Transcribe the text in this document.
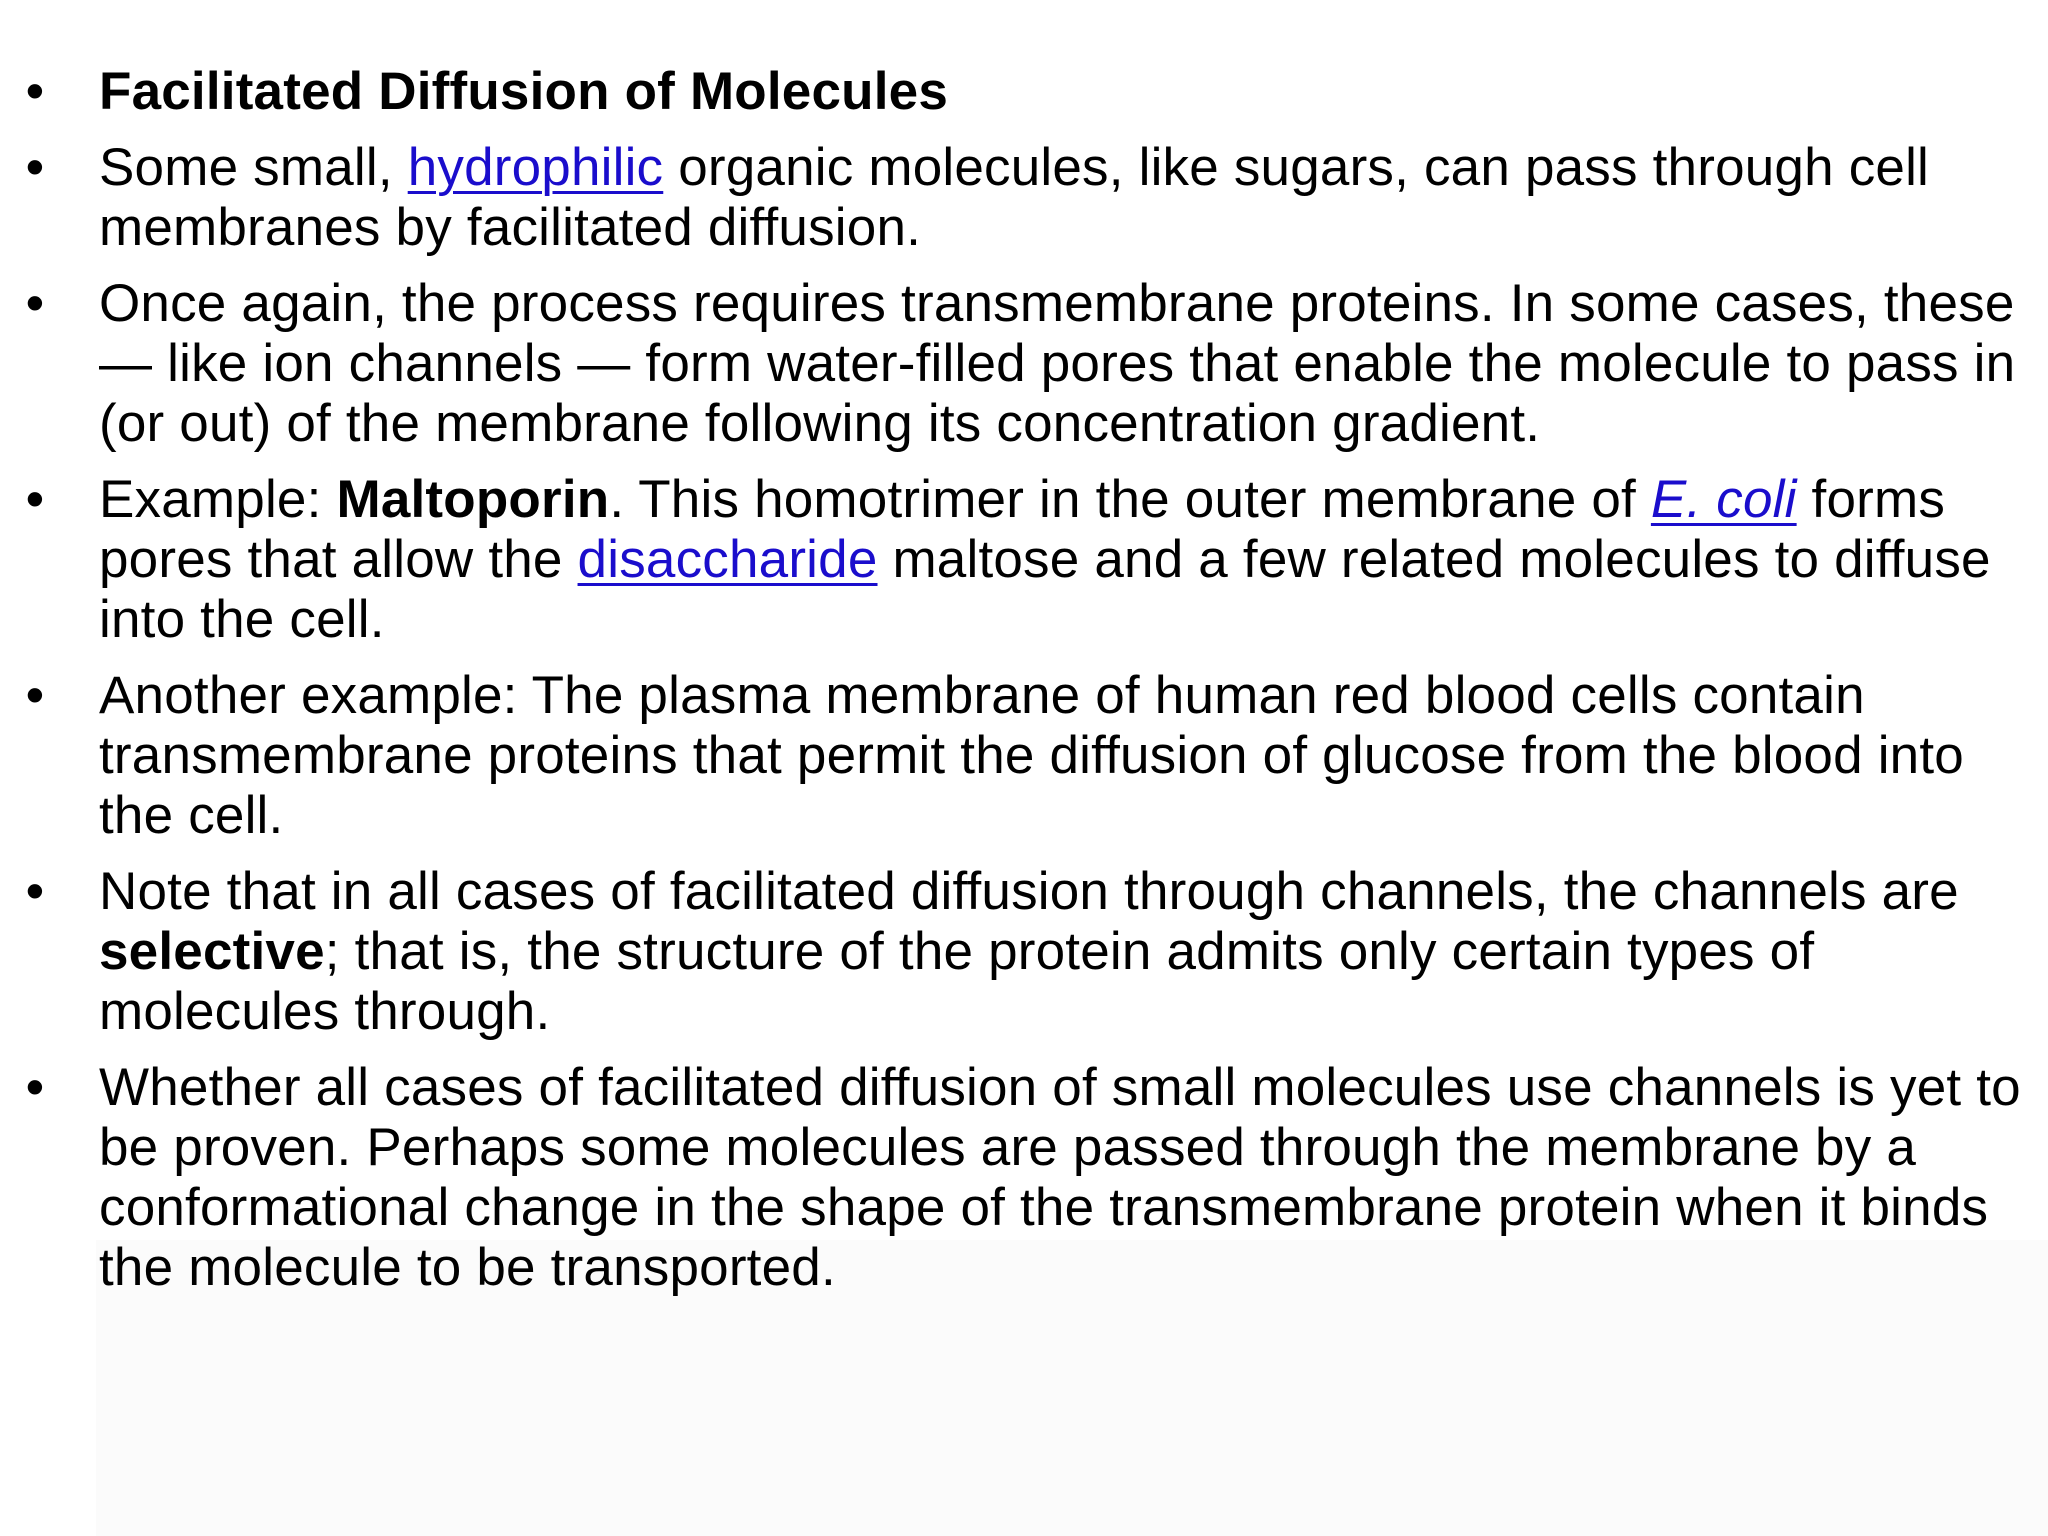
• Facilitated Diffusion of Molecules
• Some small, hydrophilic organic molecules, like sugars, can pass through cell membranes by facilitated diffusion.
• Once again, the process requires transmembrane proteins. In some cases, these — like ion channels — form water-filled pores that enable the molecule to pass in (or out) of the membrane following its concentration gradient.
• Example: Maltoporin. This homotrimer in the outer membrane of E. coli forms pores that allow the disaccharide maltose and a few related molecules to diffuse into the cell.
• Another example: The plasma membrane of human red blood cells contain transmembrane proteins that permit the diffusion of glucose from the blood into the cell.
• Note that in all cases of facilitated diffusion through channels, the channels are selective; that is, the structure of the protein admits only certain types of molecules through.
• Whether all cases of facilitated diffusion of small molecules use channels is yet to be proven. Perhaps some molecules are passed through the membrane by a conformational change in the shape of the transmembrane protein when it binds the molecule to be transported.
